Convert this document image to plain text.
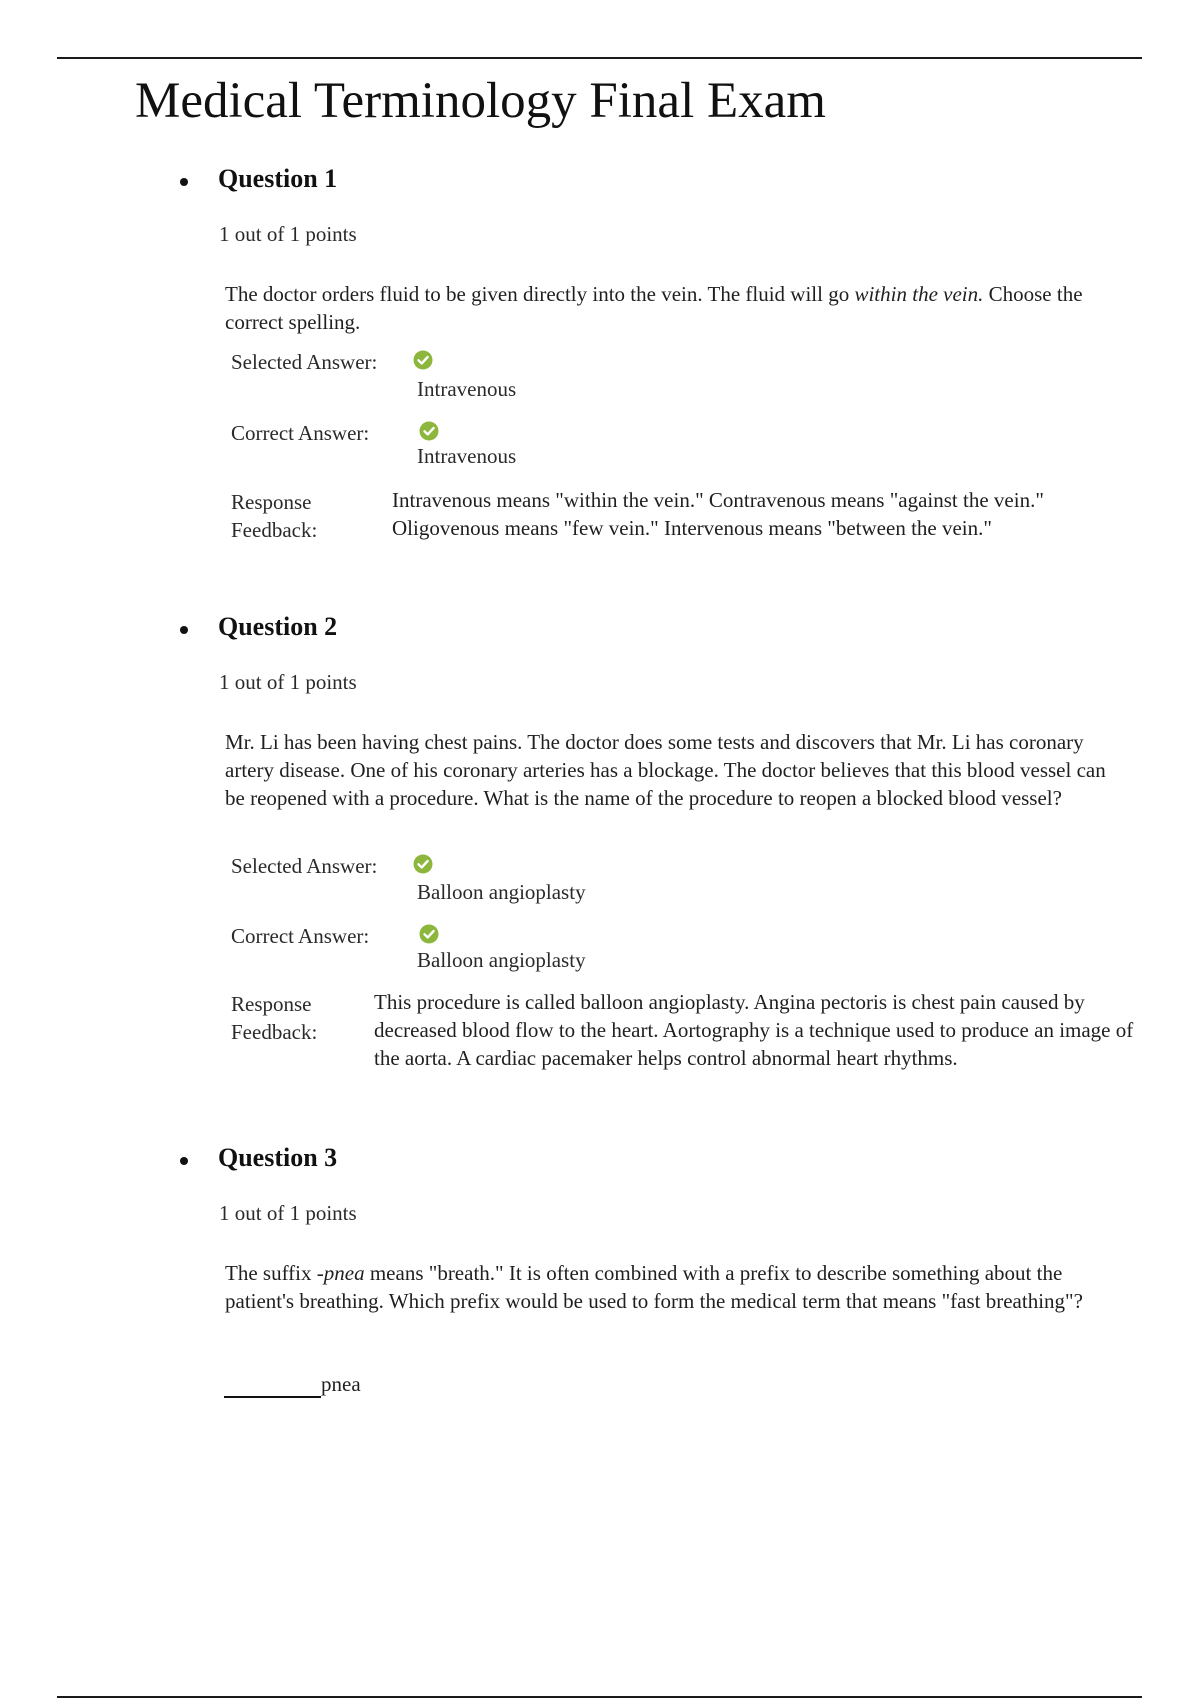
Medical Terminology Final Exam
Question 1
1 out of 1 points

The doctor orders fluid to be given directly into the vein. The fluid will go within the vein. Choose the correct spelling.

Selected Answer:
Intravenous
Correct Answer:
Intravenous

Response
Feedback:

Intravenous means "within the vein." Contravenous means "against the vein." Oligovenous means "few vein." Intervenous means "between the vein."

Question 2
1 out of 1 points

Mr. Li has been having chest pains. The doctor does some tests and discovers that Mr. Li has coronary artery disease. One of his coronary arteries has a blockage. The doctor believes that this blood vessel can be reopened with a procedure. What is the name of the procedure to reopen a blocked blood vessel?

Selected Answer:
Balloon angioplasty
Correct Answer:
Balloon angioplasty

Response
Feedback:

This procedure is called balloon angioplasty. Angina pectoris is chest pain caused by decreased blood flow to the heart. Aortography is a technique used to produce an image of the aorta. A cardiac pacemaker helps control abnormal heart rhythms.

Question 3
1 out of 1 points

The suffix -pnea means "breath." It is often combined with a prefix to describe something about the patient's breathing. Which prefix would be used to form the medical term that means "fast breathing"?

pnea
